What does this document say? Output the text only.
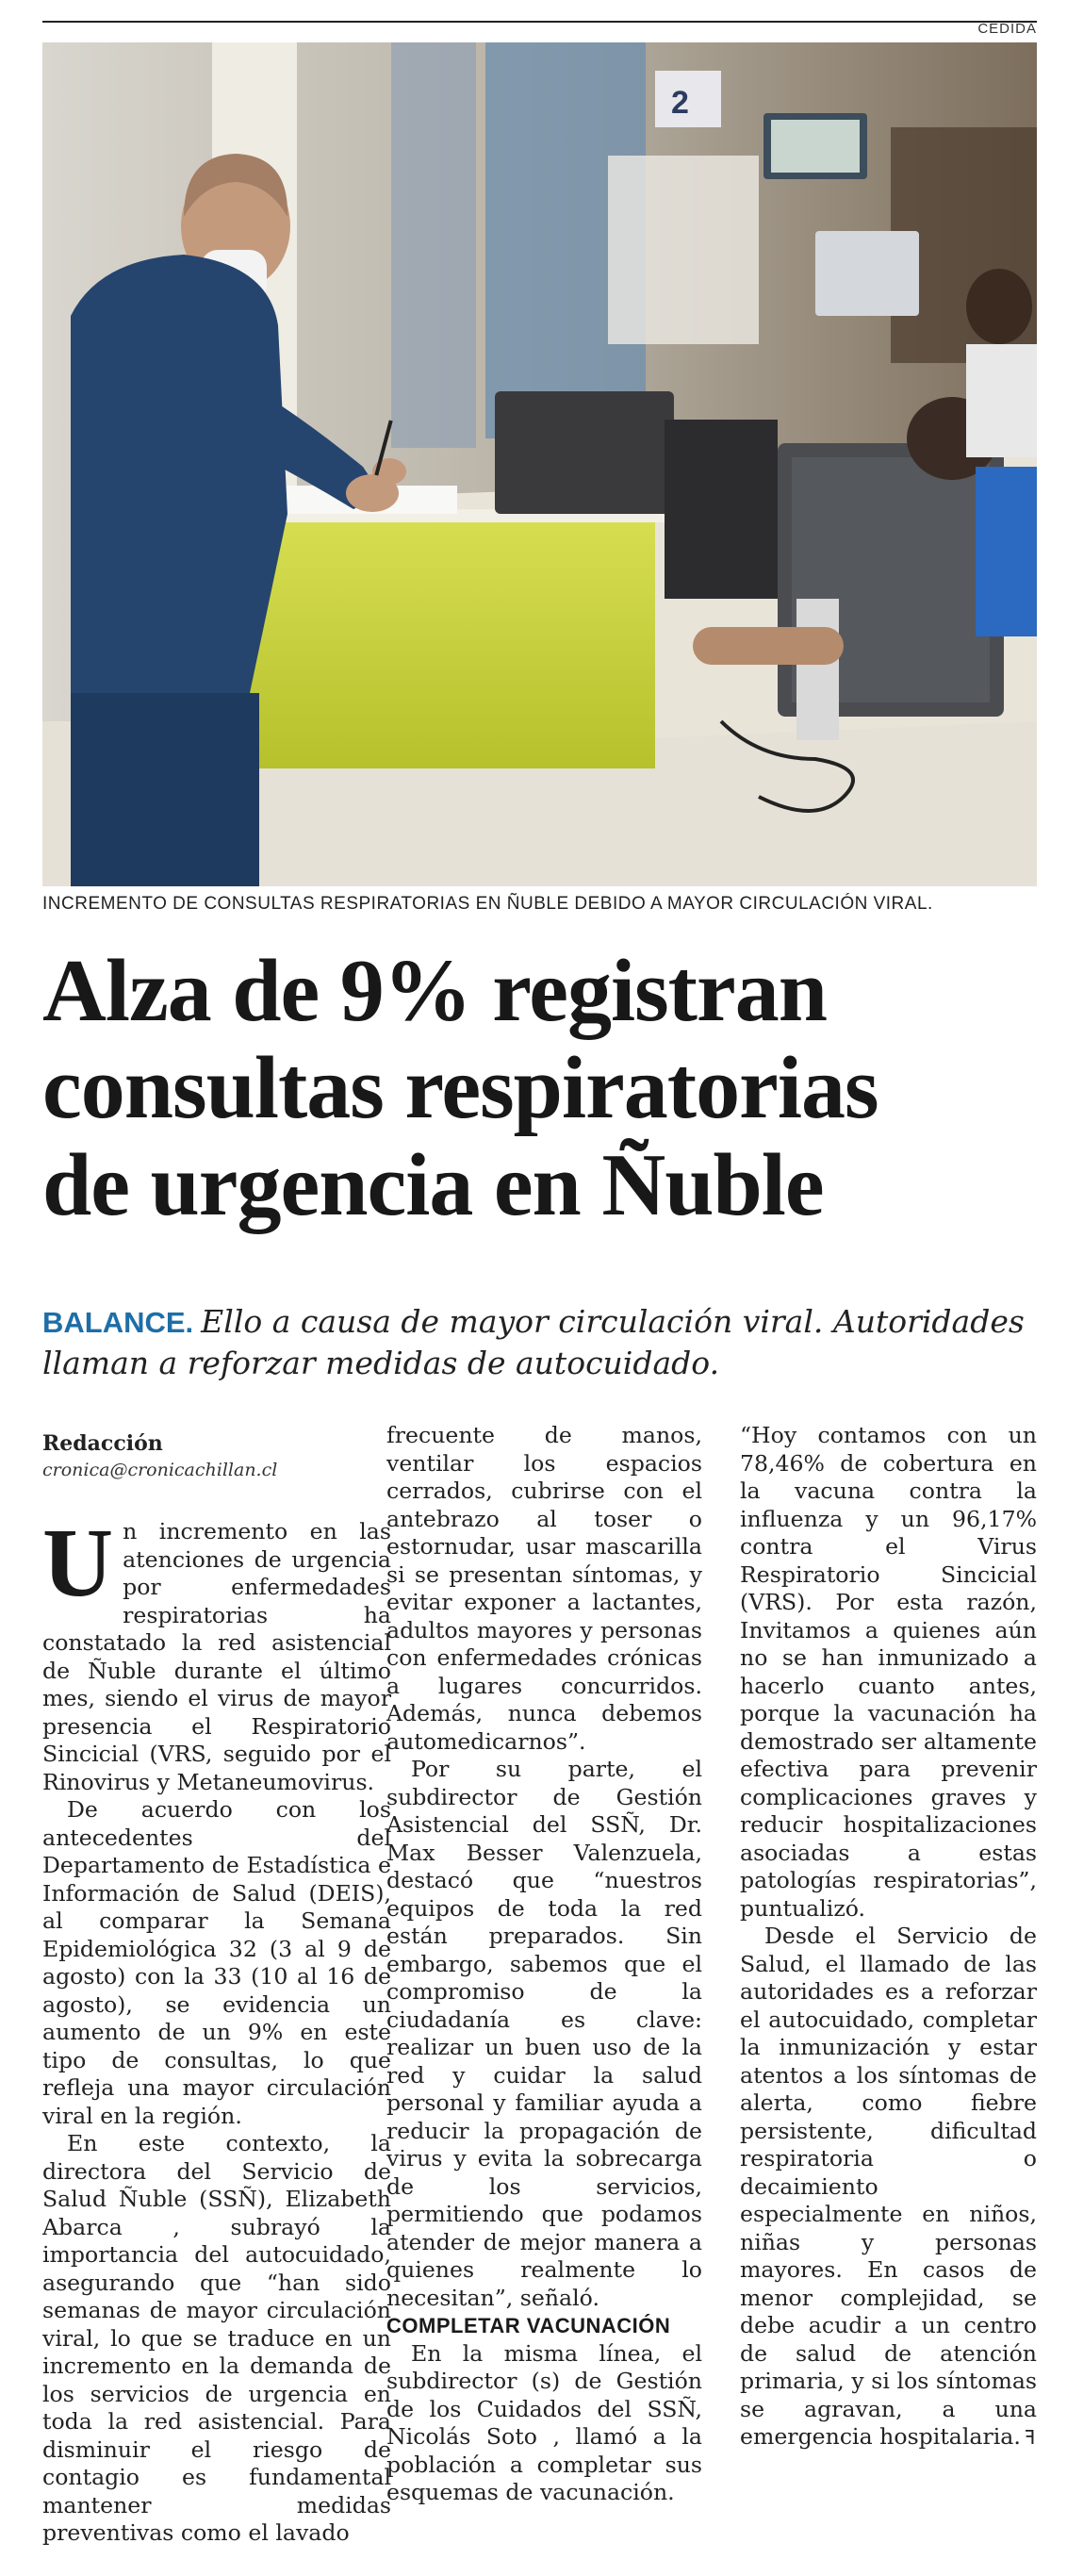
CEDIDA
2
INCREMENTO DE CONSULTAS RESPIRATORIAS EN ÑUBLE DEBIDO A MAYOR CIRCULACIÓN VIRAL.
Alza de 9% registran
consultas respiratorias
de urgencia en Ñuble
BALANCE. Ello a causa de mayor circulación viral. Autoridades llaman a reforzar medidas de autocuidado.
Redacción
cronica@cronicachillan.cl

Un incremento en las atenciones de urgencia por enfermedades respiratorias ha constatado la red asistencial de Ñuble durante el último mes, siendo el virus de mayor presencia el Respiratorio Sincicial (VRS, seguido por el Rinovirus y Metaneumovirus.

De acuerdo con los antecedentes del Departamento de Estadística e Información de Salud (DEIS), al comparar la Semana Epidemiológica 32 (3 al 9 de agosto) con la 33 (10 al 16 de agosto), se evidencia un aumento de un 9% en este tipo de consultas, lo que refleja una mayor circulación viral en la región.

En este contexto, la directora del Servicio de Salud Ñuble (SSÑ), Elizabeth Abarca , subrayó la importancia del autocuidado, asegurando que “han sido semanas de mayor circulación viral, lo que se traduce en un incremento en la demanda de los servicios de urgencia en toda la red asistencial. Para disminuir el riesgo de contagio es fundamental mantener medidas preventivas como el lavado

frecuente de manos, ventilar los espacios cerrados, cubrirse con el antebrazo al toser o estornudar, usar mascarilla si se presentan síntomas, y evitar exponer a lactantes, adultos mayores y personas con enfermedades crónicas a lugares concurridos. Además, nunca debemos automedicarnos”.

Por su parte, el subdirector de Gestión Asistencial del SSÑ, Dr. Max Besser Valenzuela, destacó que “nuestros equipos de toda la red están preparados. Sin embargo, sabemos que el compromiso de la ciudadanía es clave: realizar un buen uso de la red y cuidar la salud personal y familiar ayuda a reducir la propagación de virus y evita la sobrecarga de los servicios, permitiendo que podamos atender de mejor manera a quienes realmente lo necesitan”, señaló.

COMPLETAR VACUNACIÓN

En la misma línea, el subdirector (s) de Gestión de los Cuidados del SSÑ, Nicolás Soto , llamó a la población a completar sus esquemas de vacunación.

“Hoy contamos con un 78,46% de cobertura en la vacuna contra la influenza y un 96,17% contra el Virus Respiratorio Sincicial (VRS). Por esta razón, Invitamos a quienes aún no se han inmunizado a hacerlo cuanto antes, porque la vacunación ha demostrado ser altamente efectiva para prevenir complicaciones graves y reducir hospitalizaciones asociadas a estas patologías respiratorias”, puntualizó.

Desde el Servicio de Salud, el llamado de las autoridades es a reforzar el autocuidado, completar la inmunización y estar atentos a los síntomas de alerta, como fiebre persistente, dificultad respiratoria o decaimiento especialmente en niños, niñas y personas mayores. En casos de menor complejidad, se debe acudir a un centro de salud de atención primaria, y si los síntomas se agravan, a una emergencia hospitalaria. ꟻ
